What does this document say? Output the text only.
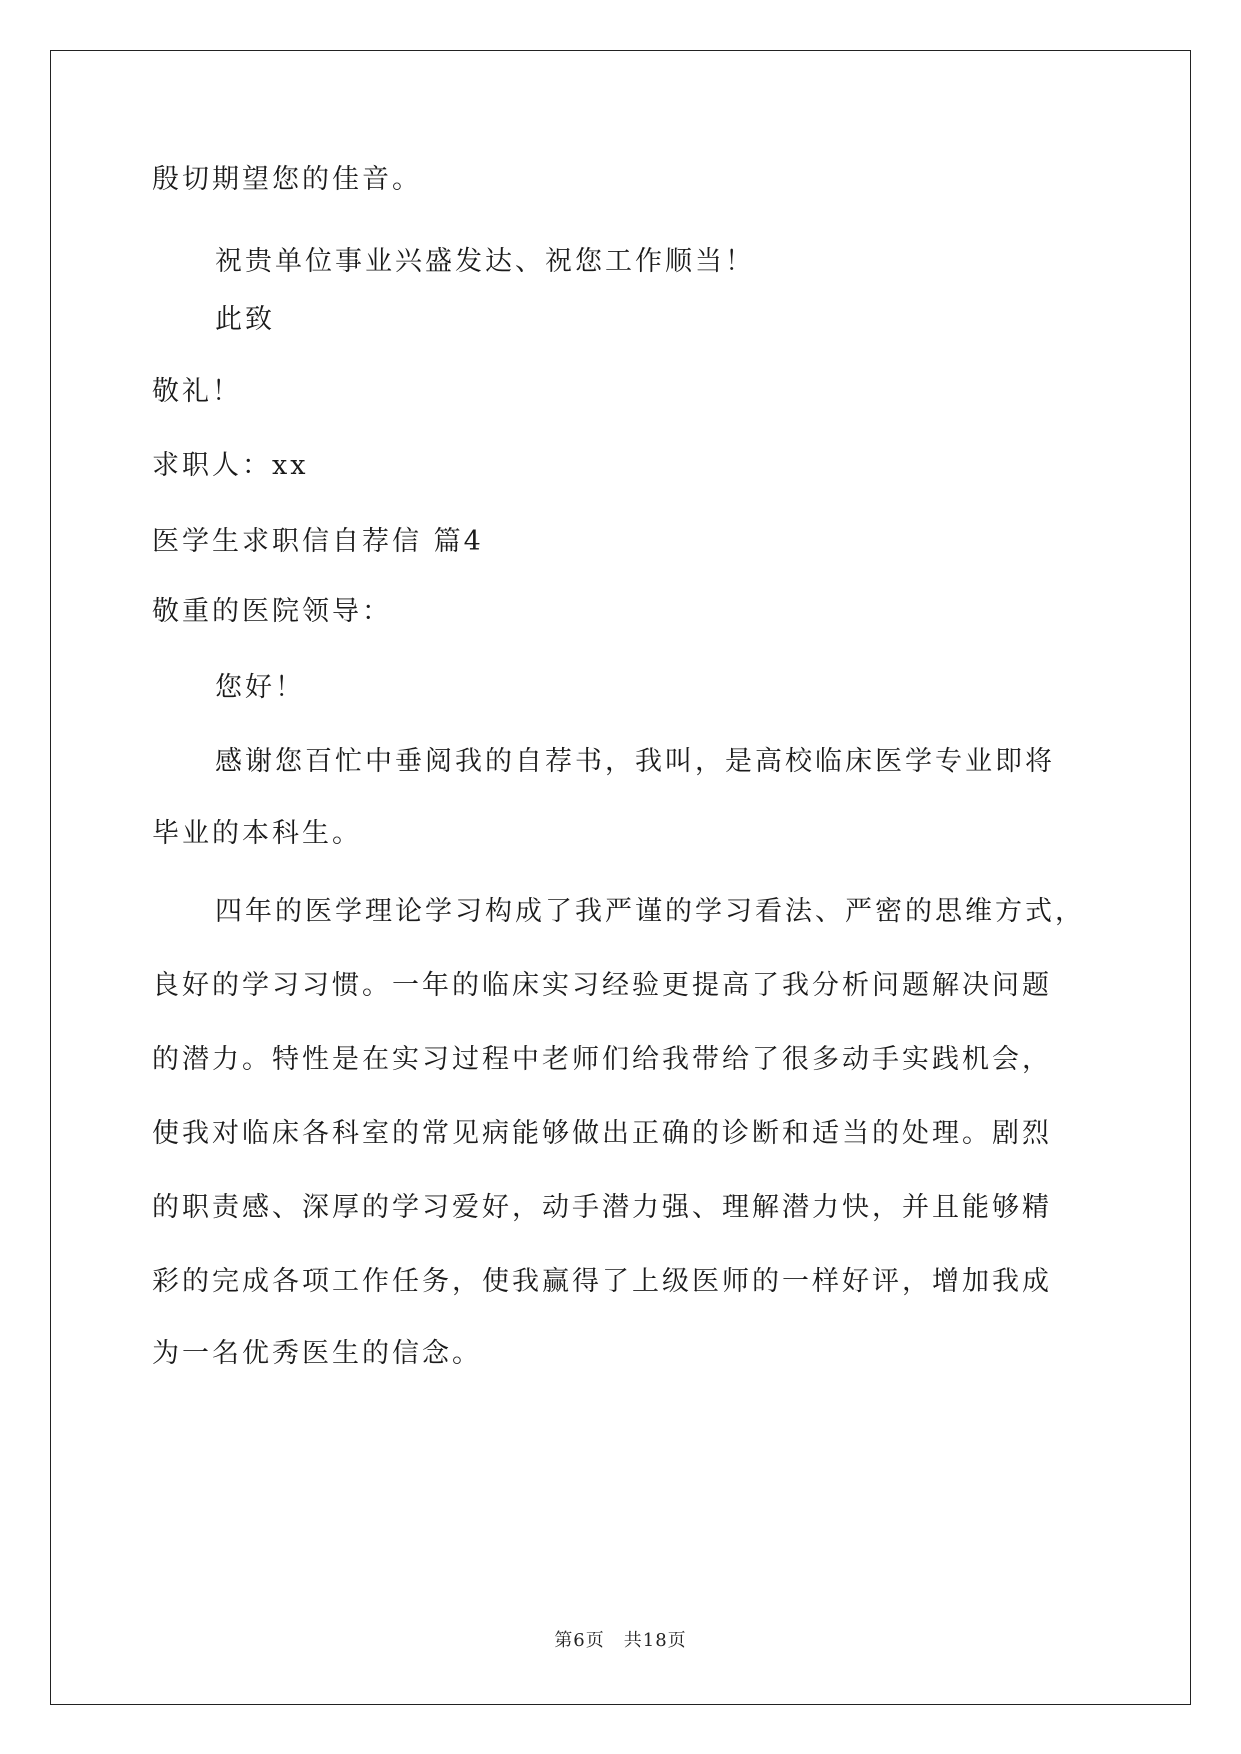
殷切期望您的佳音。
祝贵单位事业兴盛发达、祝您工作顺当！
此致
敬礼！
求职人：xx
医学生求职信自荐信 篇4
敬重的医院领导：
您好！
感谢您百忙中垂阅我的自荐书，我叫，是高校临床医学专业即将
毕业的本科生。
四年的医学理论学习构成了我严谨的学习看法、严密的思维方式，
良好的学习习惯。一年的临床实习经验更提高了我分析问题解决问题
的潜力。特性是在实习过程中老师们给我带给了很多动手实践机会，
使我对临床各科室的常见病能够做出正确的诊断和适当的处理。剧烈
的职责感、深厚的学习爱好，动手潜力强、理解潜力快，并且能够精
彩的完成各项工作任务，使我赢得了上级医师的一样好评，增加我成
为一名优秀医生的信念。
第6页　共18页
